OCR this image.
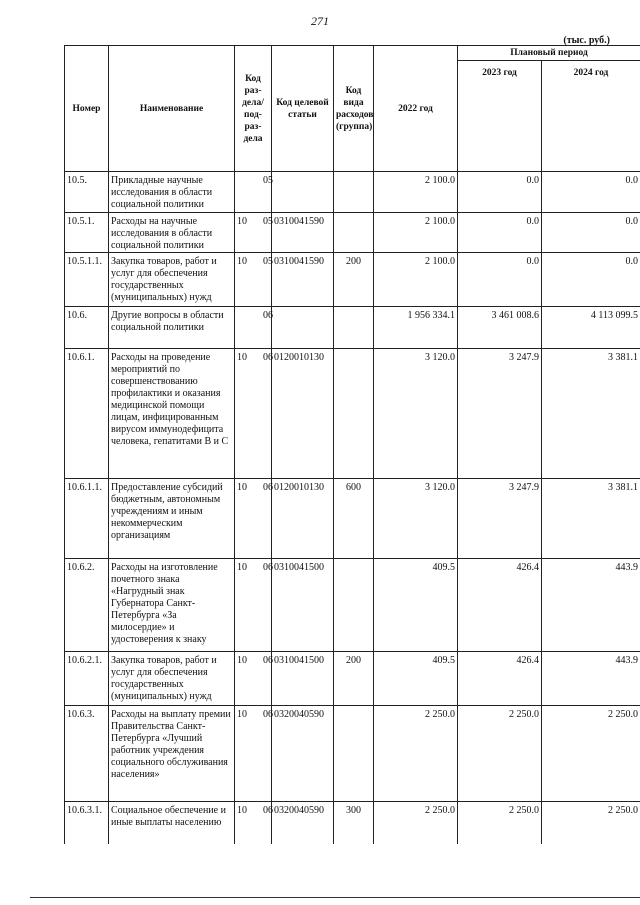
271
(тыс. руб.)
Номер	Наименование	Код раз- дела/ под- раз- дела	Код целевой статьи	Код вида расходов (группа)	2022 год	Плановый период	
						2023 год	2024 год
10.5.	Прикладные научные исследования в области социальной политики	05			2 100.0	0.0	0.0
10.5.1.	Расходы на научные исследования в области социальной политики	10 05	0310041590		2 100.0	0.0	0.0
10.5.1.1.	Закупка товаров, работ и услуг для обеспечения государственных (муниципальных) нужд	10 05	0310041590	200	2 100.0	0.0	0.0
10.6.	Другие вопросы в области социальной политики	06			1 956 334.1	3 461 008.6	4 113 099.5
10.6.1.	Расходы на проведение мероприятий по совершенствованию профилактики и оказания медицинской помощи лицам, инфицированным вирусом иммунодефицита человека, гепатитами В и С	10 06	0120010130		3 120.0	3 247.9	3 381.1
10.6.1.1.	Предоставление субсидий бюджетным, автономным учреждениям и иным некоммерческим организациям	10 06	0120010130	600	3 120.0	3 247.9	3 381.1
10.6.2.	Расходы на изготовление почетного знака «Нагрудный знак Губернатора Санкт-Петербурга «За милосердие» и удостоверения к знаку	10 06	0310041500		409.5	426.4	443.9
10.6.2.1.	Закупка товаров, работ и услуг для обеспечения государственных (муниципальных) нужд	10 06	0310041500	200	409.5	426.4	443.9
10.6.3.	Расходы на выплату премии Правительства Санкт-Петербурга «Лучший работник учреждения социального обслуживания населения»	10 06	0320040590		2 250.0	2 250.0	2 250.0
10.6.3.1.	Социальное обеспечение и иные выплаты населению	10 06	0320040590	300	2 250.0	2 250.0	2 250.0
